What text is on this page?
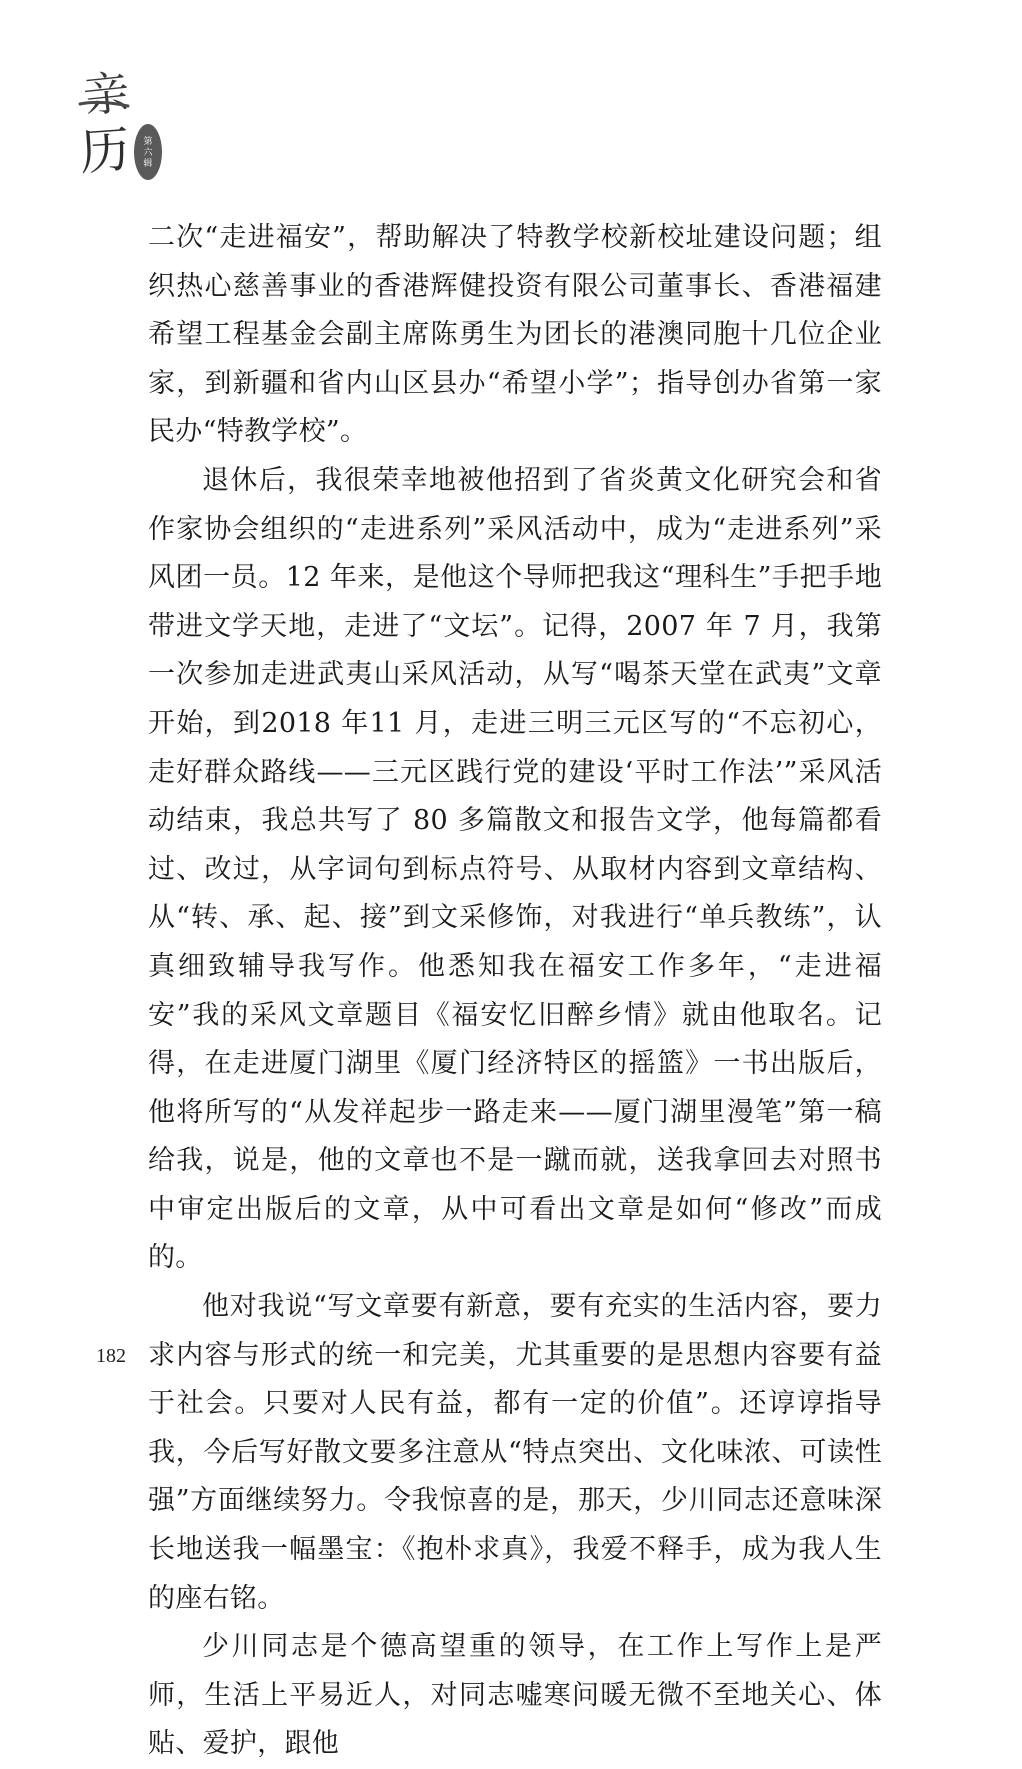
亲
历 第
六
辑

二次“走进福安”，帮助解决了特教学校新校址建设问题；组织热心慈善事业的香港辉健投资有限公司董事长、香港福建希望工程基金会副主席陈勇生为团长的港澳同胞十几位企业家，到新疆和省内山区县办“希望小学”；指导创办省第一家民办“特教学校”。

退休后，我很荣幸地被他招到了省炎黄文化研究会和省作家协会组织的“走进系列”采风活动中，成为“走进系列”采风团一员。12 年来，是他这个导师把我这“理科生”手把手地带进文学天地，走进了“文坛”。记得，2007 年 7 月，我第一次参加走进武夷山采风活动，从写“喝茶天堂在武夷”文章开始，到2018 年11 月，走进三明三元区写的“不忘初心，走好群众路线——三元区践行党的建设‘平时工作法’”采风活动结束，我总共写了 80 多篇散文和报告文学，他每篇都看过、改过，从字词句到标点符号、从取材内容到文章结构、从“转、承、起、接”到文采修饰，对我进行“单兵教练”，认真细致辅导我写作。他悉知我在福安工作多年，“走进福安”我的采风文章题目《福安忆旧醉乡情》就由他取名。记得，在走进厦门湖里《厦门经济特区的摇篮》一书出版后，他将所写的“从发祥起步一路走来——厦门湖里漫笔”第一稿给我，说是，他的文章也不是一蹴而就，送我拿回去对照书中审定出版后的文章，从中可看出文章是如何“修改”而成的。

他对我说“写文章要有新意，要有充实的生活内容，要力求内容与形式的统一和完美，尤其重要的是思想内容要有益于社会。只要对人民有益，都有一定的价值”。还谆谆指导我，今后写好散文要多注意从“特点突出、文化味浓、可读性强”方面继续努力。令我惊喜的是，那天，少川同志还意味深长地送我一幅墨宝：《抱朴求真》，我爱不释手，成为我人生的座右铭。

少川同志是个德高望重的领导，在工作上写作上是严师，生活上平易近人，对同志嘘寒问暖无微不至地关心、体贴、爱护，跟他

182
